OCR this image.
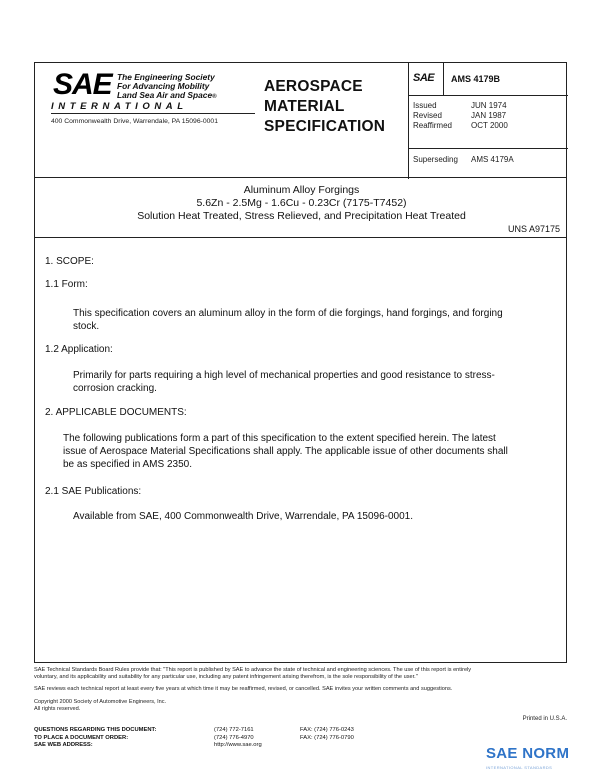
SAE The Engineering Society
For Advancing Mobility
Land Sea Air and Space®
INTERNATIONAL
400 Commonwealth Drive, Warrendale, PA 15096-0001
AEROSPACE
MATERIAL
SPECIFICATION
SAE AMS 4179B
Issued	JUN 1974
Revised	JAN 1987
Reaffirmed	OCT 2000
Superseding	AMS 4179A
Aluminum Alloy Forgings
5.6Zn - 2.5Mg - 1.6Cu - 0.23Cr (7175-T7452)
Solution Heat Treated, Stress Relieved, and Precipitation Heat Treated
UNS A97175
1. SCOPE:
1.1 Form:
This specification covers an aluminum alloy in the form of die forgings, hand forgings, and forging
stock.
1.2 Application:
Primarily for parts requiring a high level of mechanical properties and good resistance to stress-
corrosion cracking.
2. APPLICABLE DOCUMENTS:
The following publications form a part of this specification to the extent specified herein. The latest
issue of Aerospace Material Specifications shall apply. The applicable issue of other documents shall
be as specified in AMS 2350.
2.1 SAE Publications:
Available from SAE, 400 Commonwealth Drive, Warrendale, PA 15096-0001.
SAE Technical Standards Board Rules provide that: "This report is published by SAE to advance the state of technical and engineering sciences. The use of this report is entirely
voluntary, and its applicability and suitability for any particular use, including any patent infringement arising therefrom, is the sole responsibility of the user."
SAE reviews each technical report at least every five years at which time it may be reaffirmed, revised, or cancelled. SAE invites your written comments and suggestions.
Copyright 2000 Society of Automotive Engineers, Inc.
All rights reserved.
Printed in U.S.A.
QUESTIONS REGARDING THIS DOCUMENT:	(724) 772-7161	FAX: (724) 776-0243
TO PLACE A DOCUMENT ORDER:	(724) 776-4970	FAX: (724) 776-0790
SAE WEB ADDRESS:	http://www.sae.org	SAE NORM
INTERNATIONAL STANDARDS
